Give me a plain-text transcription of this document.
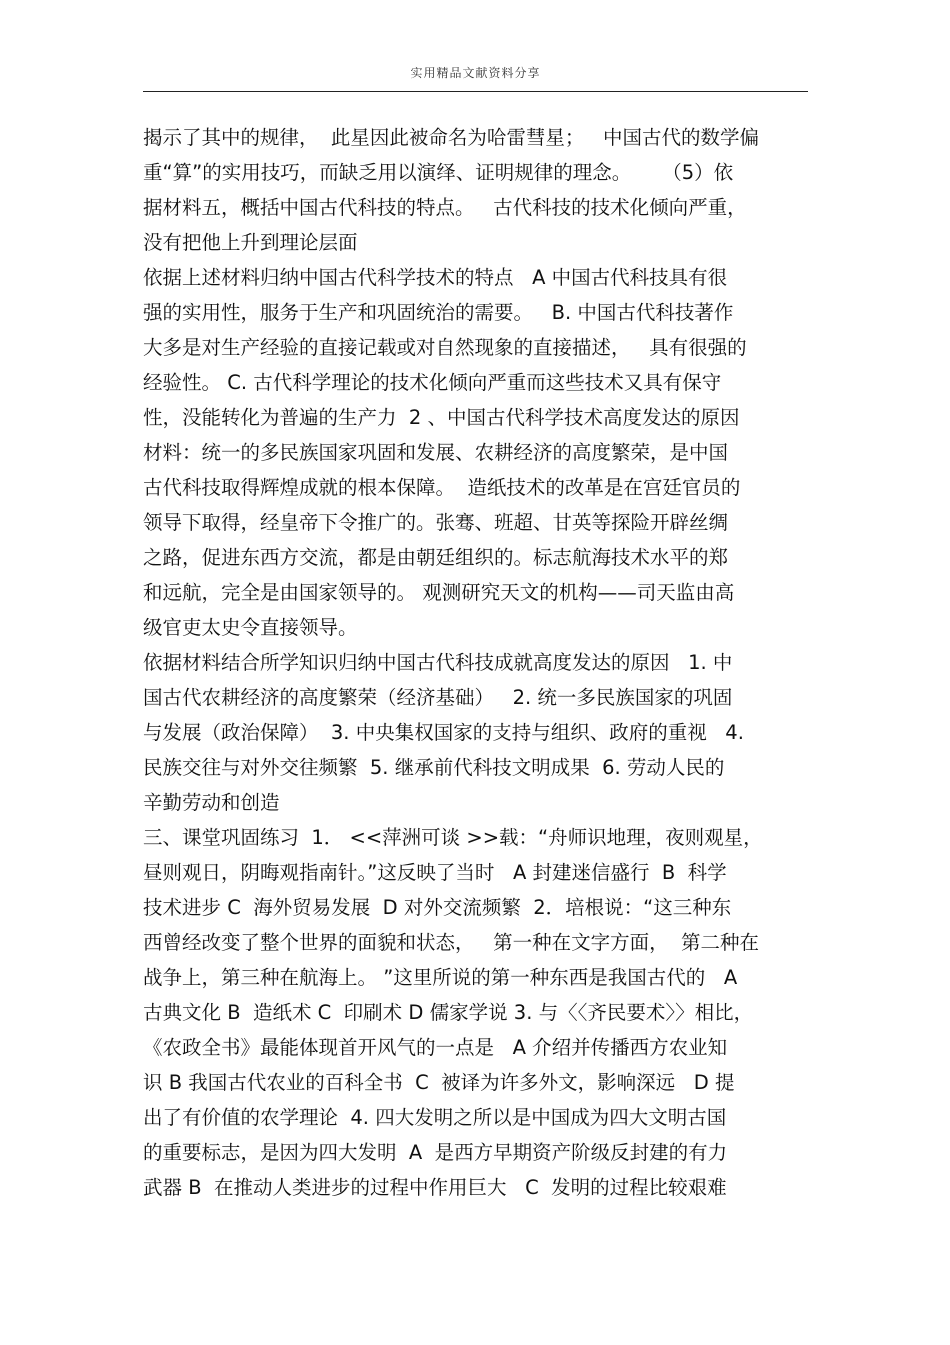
实用精品文献资料分享
揭示了其中的规律，  此星因此被命名为哈雷彗星；   中国古代的数学偏
重“算”的实用技巧，而缺乏用以演绎、证明规律的理念。     （5）依
据材料五，概括中国古代科技的特点。   古代科技的技术化倾向严重，
没有把他上升到理论层面
依据上述材料归纳中国古代科学技术的特点   A 中国古代科技具有很
强的实用性，服务于生产和巩固统治的需要。   B. 中国古代科技著作
大多是对生产经验的直接记载或对自然现象的直接描述，   具有很强的
经验性。 C. 古代科学理论的技术化倾向严重而这些技术又具有保守
性，没能转化为普遍的生产力  2 、中国古代科学技术高度发达的原因
材料：统一的多民族国家巩固和发展、农耕经济的高度繁荣，是中国
古代科技取得辉煌成就的根本保障。  造纸技术的改革是在宫廷官员的
领导下取得，经皇帝下令推广的。张骞、班超、甘英等探险开辟丝绸
之路，促进东西方交流，都是由朝廷组织的。标志航海技术水平的郑
和远航，完全是由国家领导的。 观测研究天文的机构——司天监由高
级官吏太史令直接领导。
依据材料结合所学知识归纳中国古代科技成就高度发达的原因   1. 中
国古代农耕经济的高度繁荣（经济基础）   2. 统一多民族国家的巩固
与发展（政治保障）  3. 中央集权国家的支持与组织、政府的重视   4.
民族交往与对外交往频繁  5. 继承前代科技文明成果  6. 劳动人民的
辛勤劳动和创造
三、课堂巩固练习  1． <<萍洲可谈 >>载：“舟师识地理，夜则观星，
昼则观日，阴晦观指南针。”这反映了当时   A 封建迷信盛行  B  科学
技术进步 C  海外贸易发展  D 对外交流频繁  2．培根说：“这三种东
西曾经改变了整个世界的面貌和状态，   第一种在文字方面，  第二种在
战争上，第三种在航海上。 ”这里所说的第一种东西是我国古代的   A
古典文化 B  造纸术 C  印刷术 D 儒家学说 3. 与〈〈齐民要术〉〉相比，
《农政全书》最能体现首开风气的一点是   A 介绍并传播西方农业知
识 B 我国古代农业的百科全书  C  被译为许多外文，影响深远   D 提
出了有价值的农学理论  4. 四大发明之所以是中国成为四大文明古国
的重要标志，是因为四大发明  A  是西方早期资产阶级反封建的有力
武器 B  在推动人类进步的过程中作用巨大   C  发明的过程比较艰难
